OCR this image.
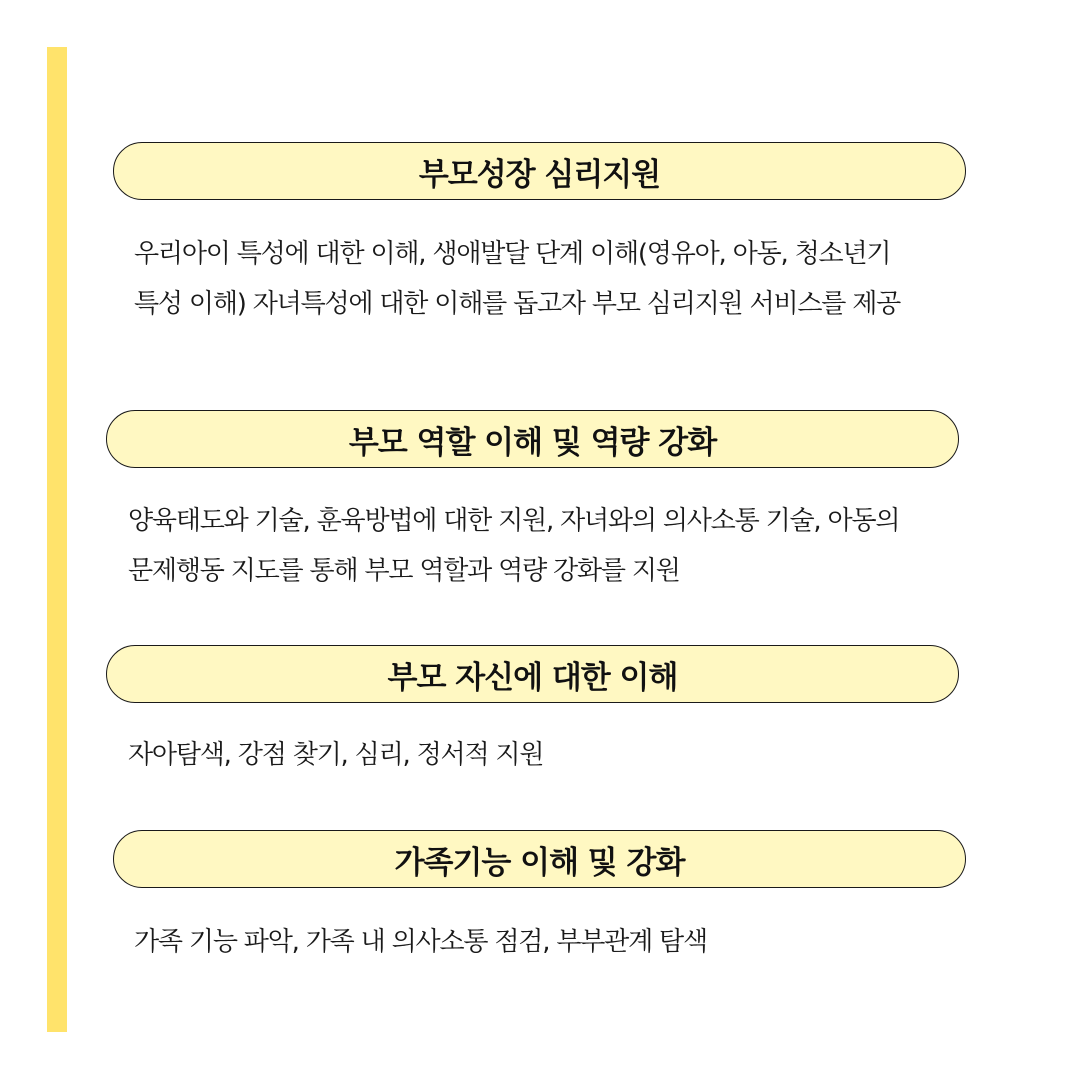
부모성장 심리지원
우리아이 특성에 대한 이해, 생애발달 단계 이해(영유아, 아동, 청소년기
특성 이해) 자녀특성에 대한 이해를 돕고자 부모 심리지원 서비스를 제공
부모 역할 이해 및 역량 강화
양육태도와 기술, 훈육방법에 대한 지원, 자녀와의 의사소통 기술, 아동의
문제행동 지도를 통해 부모 역할과 역량 강화를 지원
부모 자신에 대한 이해
자아탐색, 강점 찾기, 심리, 정서적 지원
가족기능 이해 및 강화
가족 기능 파악, 가족 내 의사소통 점검, 부부관계 탐색
